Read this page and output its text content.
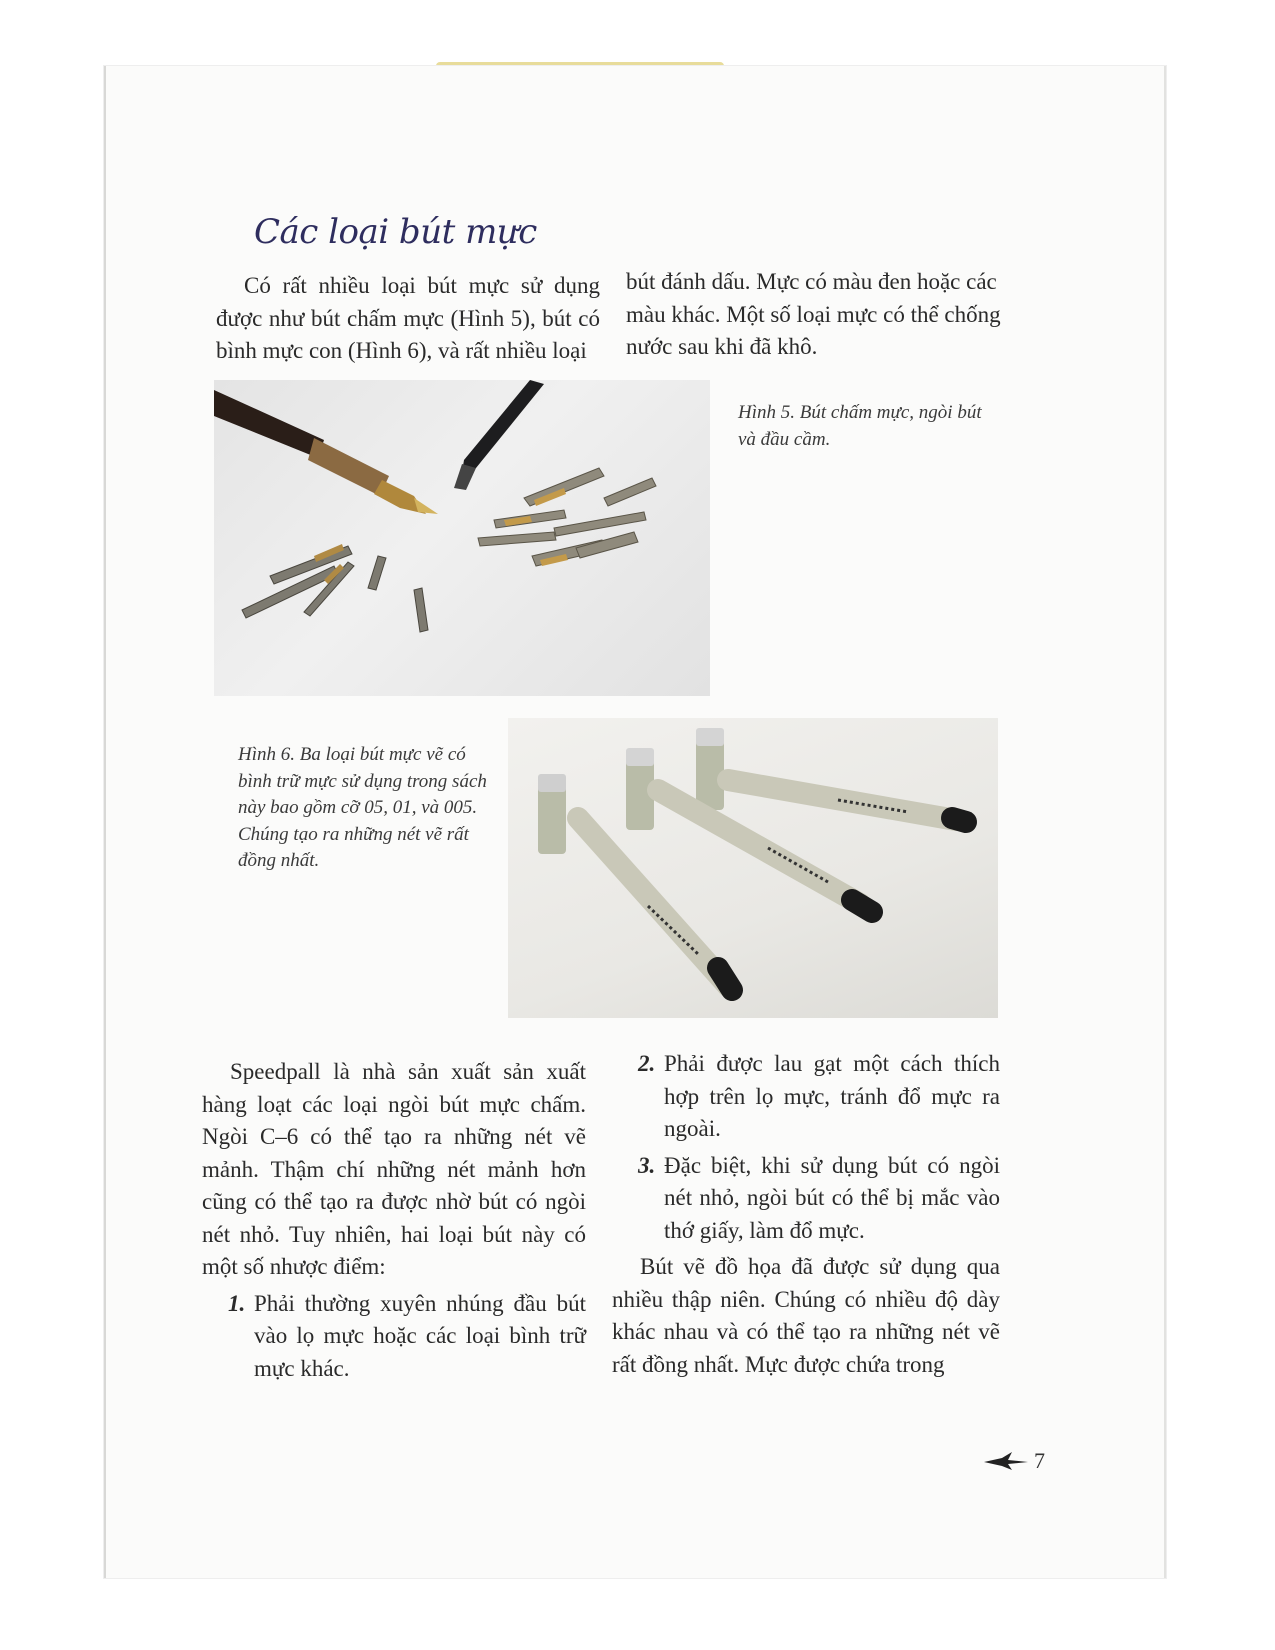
Các loại bút mực

Có rất nhiều loại bút mực sử dụng được như bút chấm mực (Hình 5), bút có bình mực con (Hình 6), và rất nhiều loại

bút đánh dấu. Mực có màu đen hoặc các màu khác. Một số loại mực có thể chống nước sau khi đã khô.

Hình 5. Bút chấm mực, ngòi bút và đầu cầm.
Hình 6. Ba loại bút mực vẽ có bình trữ mực sử dụng trong sách này bao gồm cỡ 05, 01, và 005. Chúng tạo ra những nét vẽ rất đồng nhất.

Speedpall là nhà sản xuất sản xuất hàng loạt các loại ngòi bút mực chấm. Ngòi C–6 có thể tạo ra những nét vẽ mảnh. Thậm chí những nét mảnh hơn cũng có thể tạo ra được nhờ bút có ngòi nét nhỏ. Tuy nhiên, hai loại bút này có một số nhược điểm:

1. Phải thường xuyên nhúng đầu bút vào lọ mực hoặc các loại bình trữ mực khác.
2. Phải được lau gạt một cách thích hợp trên lọ mực, tránh đổ mực ra ngoài.
3. Đặc biệt, khi sử dụng bút có ngòi nét nhỏ, ngòi bút có thể bị mắc vào thớ giấy, làm đổ mực.

Bút vẽ đồ họa đã được sử dụng qua nhiều thập niên. Chúng có nhiều độ dày khác nhau và có thể tạo ra những nét vẽ rất đồng nhất. Mực được chứa trong

7
